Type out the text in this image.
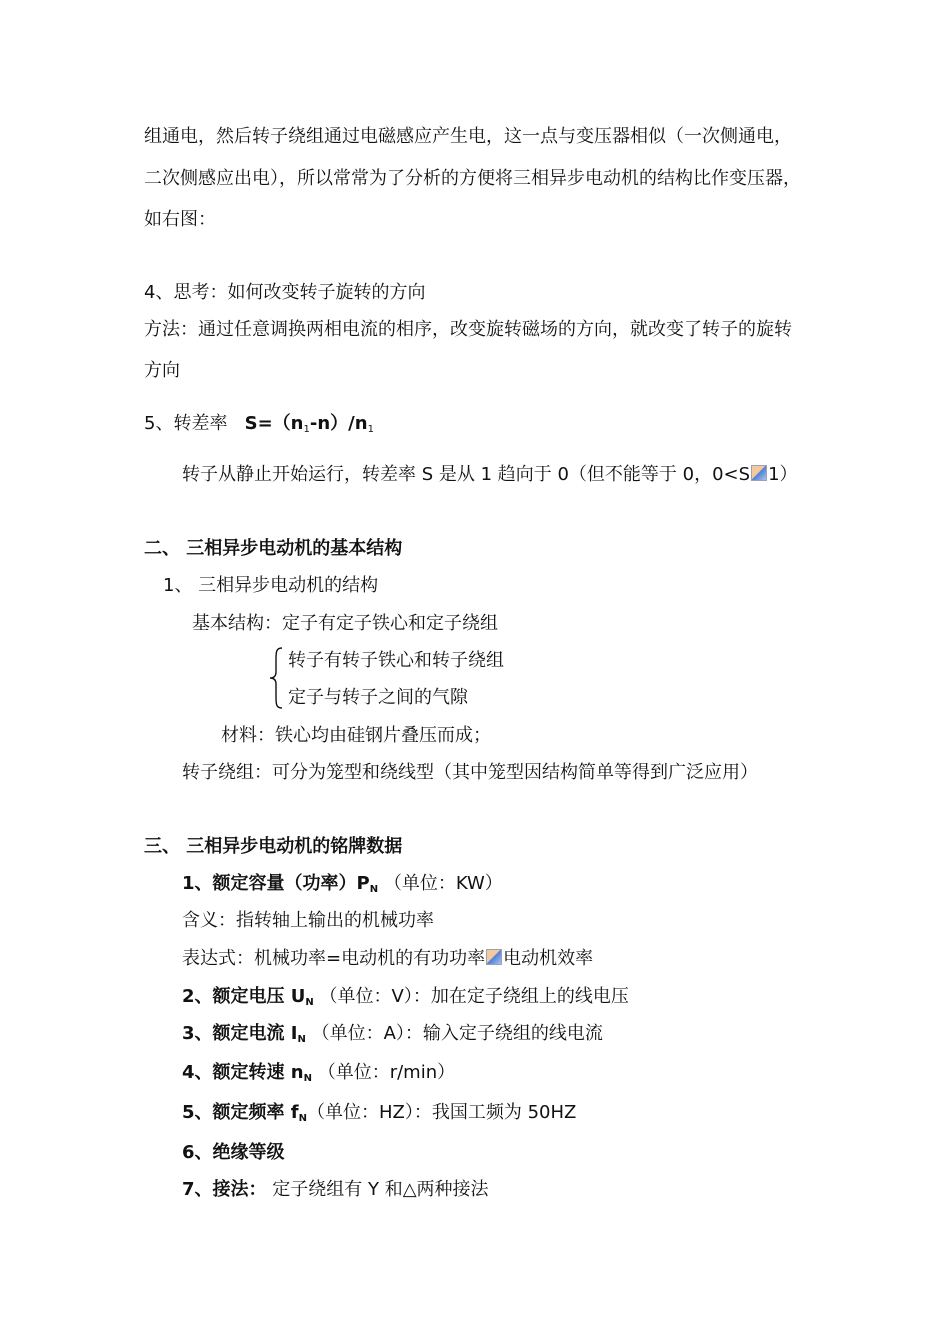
组通电，然后转子绕组通过电磁感应产生电，这一点与变压器相似（一次侧通电，
二次侧感应出电），所以常常为了分析的方便将三相异步电动机的结构比作变压器，
如右图：
4、思考：如何改变转子旋转的方向
方法：通过任意调换两相电流的相序，改变旋转磁场的方向，就改变了转子的旋转
方向
5、转差率 $S=(n_1-n)/n_1$
转子从静止开始运行，转差率 S 是从 1 趋向于 0（但不能等于 0，0<S 1）
二、 三相异步电动机的基本结构
1、 三相异步电动机的结构
基本结构：定子有定子铁心和定子绕组
转子有转子铁心和转子绕组
定子与转子之间的气隙
材料：铁心均由硅钢片叠压而成；
转子绕组：可分为笼型和绕线型（其中笼型因结构简单等得到广泛应用）
三、 三相异步电动机的铭牌数据
1、额定容量（功率）$P_N$ （单位：KW）
含义：指转轴上输出的机械功率
表达式：机械功率=电动机的有功功率 电动机效率
2、额定电压 $U_N$ （单位：V）：加在定子绕组上的线电压
3、额定电流 $I_N$ （单位：A）：输入定子绕组的线电流
4、额定转速 $n_N$ （单位：r/min）
5、额定频率 $f_N$（单位：HZ）：我国工频为 50HZ
6、绝缘等级
7、接法： 定子绕组有 Y 和△两种接法
